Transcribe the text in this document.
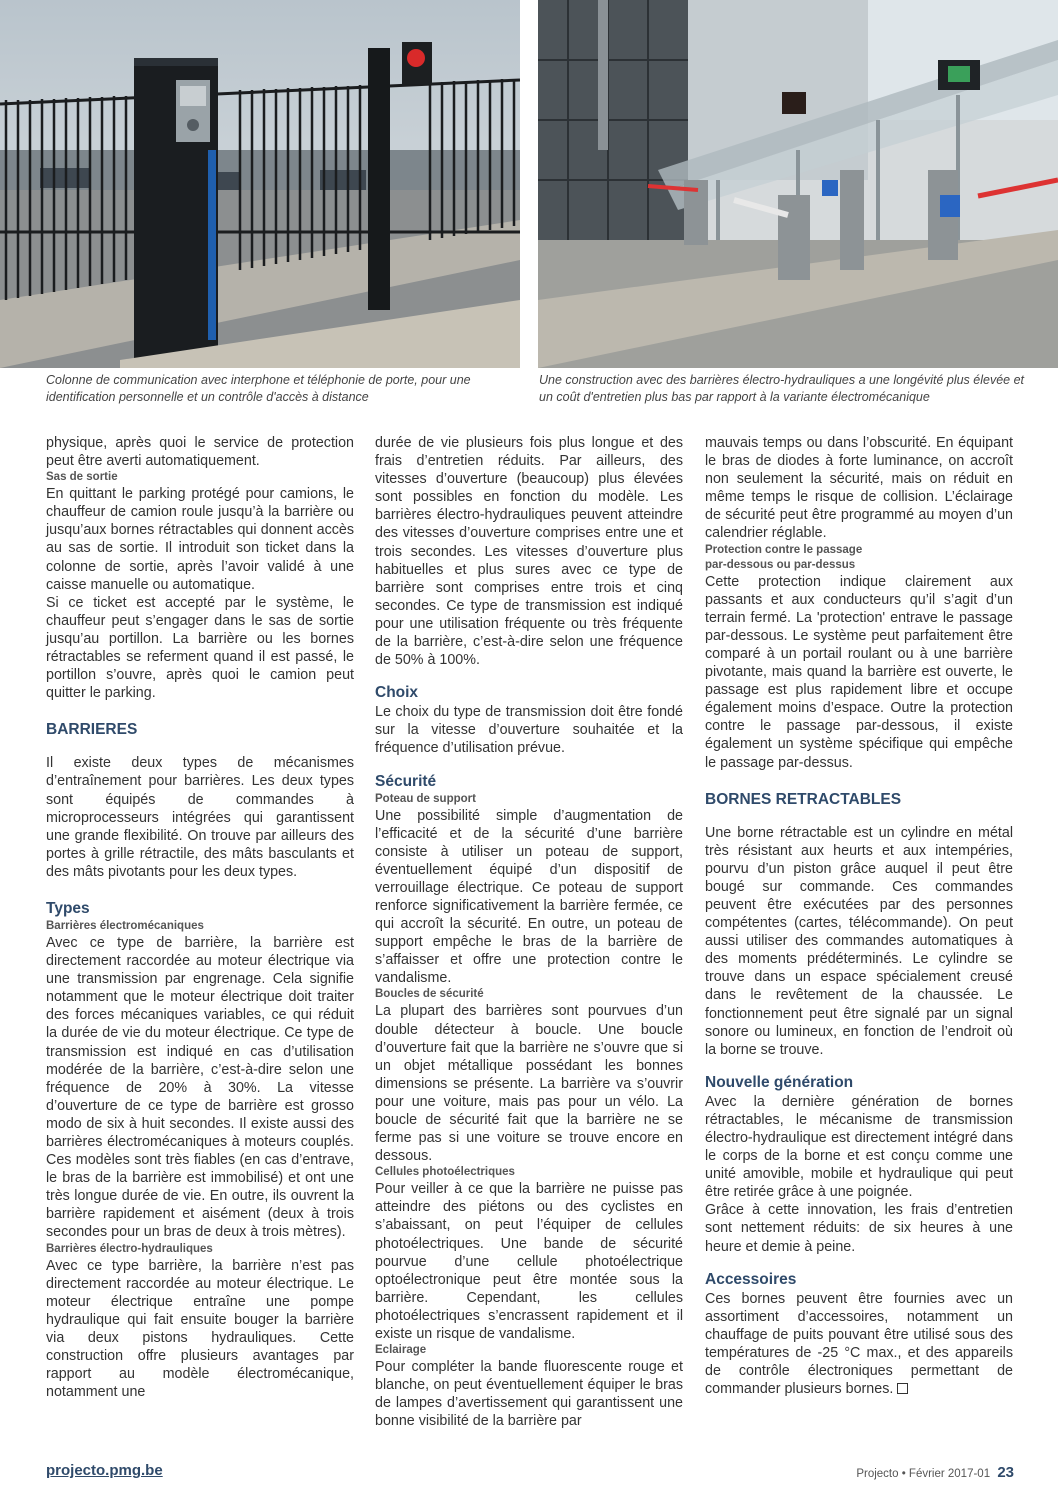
Colonne de communication avec interphone et téléphonie de porte, pour une identification personnelle et un contrôle d'accès à distance
Une construction avec des barrières électro-hydrauliques a une longévité plus élevée et un coût d'entretien plus bas par rapport à la variante électromécanique

physique, après quoi le service de protection peut être averti automatiquement.

Sas de sortie

En quittant le parking protégé pour camions, le chauffeur de camion roule jusqu’à la barrière ou jusqu’aux bornes rétractables qui donnent accès au sas de sortie. Il introduit son ticket dans la colonne de sortie, après l’avoir validé à une caisse manuelle ou automatique.

Si ce ticket est accepté par le système, le chauffeur peut s’engager dans le sas de sortie jusqu’au portillon. La barrière ou les bornes rétractables se referment quand il est passé, le portillon s’ouvre, après quoi le camion peut quitter le parking.

BARRIERES

Il existe deux types de mécanismes d’entraînement pour barrières. Les deux types sont équipés de commandes à microprocesseurs intégrées qui garantissent une grande flexibilité. On trouve par ailleurs des portes à grille rétractile, des mâts basculants et des mâts pivotants pour les deux types.

Types

Barrières électromécaniques

Avec ce type de barrière, la barrière est directement raccordée au moteur électrique via une transmission par engrenage. Cela signifie notamment que le moteur électrique doit traiter des forces mécaniques variables, ce qui réduit la durée de vie du moteur électrique. Ce type de transmission est indiqué en cas d’utilisation modérée de la barrière, c’est-à-dire selon une fréquence de 20% à 30%. La vitesse d’ouverture de ce type de barrière est grosso modo de six à huit secondes. Il existe aussi des barrières électromécaniques à moteurs couplés. Ces modèles sont très fiables (en cas d’entrave, le bras de la barrière est immobilisé) et ont une très longue durée de vie. En outre, ils ouvrent la barrière rapidement et aisément (deux à trois secondes pour un bras de deux à trois mètres).

Barrières électro-hydrauliques

Avec ce type barrière, la barrière n’est pas directement raccordée au moteur électrique. Le moteur électrique entraîne une pompe hydraulique qui fait ensuite bouger la barrière via deux pistons hydrauliques. Cette construction offre plusieurs avantages par rapport au modèle électromécanique, notamment une

durée de vie plusieurs fois plus longue et des frais d’entretien réduits. Par ailleurs, des vitesses d’ouverture (beaucoup) plus élevées sont possibles en fonction du modèle. Les barrières électro-hydrauliques peuvent atteindre des vitesses d’ouverture comprises entre une et trois secondes. Les vitesses d’ouverture plus habituelles et plus sures avec ce type de barrière sont comprises entre trois et cinq secondes. Ce type de transmission est indiqué pour une utilisation fréquente ou très fréquente de la barrière, c’est-à-dire selon une fréquence de 50% à 100%.

Choix

Le choix du type de transmission doit être fondé sur la vitesse d’ouverture souhaitée et la fréquence d’utilisation prévue.

Sécurité

Poteau de support

Une possibilité simple d’augmentation de l’efficacité et de la sécurité d’une barrière consiste à utiliser un poteau de support, éventuellement équipé d’un dispositif de verrouillage électrique. Ce poteau de support renforce significativement la barrière fermée, ce qui accroît la sécurité. En outre, un poteau de support empêche le bras de la barrière de s’affaisser et offre une protection contre le vandalisme.

Boucles de sécurité

La plupart des barrières sont pourvues d’un double détecteur à boucle. Une boucle d’ouverture fait que la barrière ne s’ouvre que si un objet métallique possédant les bonnes dimensions se présente. La barrière va s’ouvrir pour une voiture, mais pas pour un vélo. La boucle de sécurité fait que la barrière ne se ferme pas si une voiture se trouve encore en dessous.

Cellules photoélectriques

Pour veiller à ce que la barrière ne puisse pas atteindre des piétons ou des cyclistes en s’abaissant, on peut l’équiper de cellules photoélectriques. Une bande de sécurité pourvue d’une cellule photoélectrique optoélectronique peut être montée sous la barrière. Cependant, les cellules photoélectriques s’encrassent rapidement et il existe un risque de vandalisme.

Eclairage

Pour compléter la bande fluorescente rouge et blanche, on peut éventuellement équiper le bras de lampes d’avertissement qui garantissent une bonne visibilité de la barrière par

mauvais temps ou dans l’obscurité. En équipant le bras de diodes à forte luminance, on accroît non seulement la sécurité, mais on réduit en même temps le risque de collision. L’éclairage de sécurité peut être programmé au moyen d’un calendrier réglable.

Protection contre le passage

par-dessous ou par-dessus

Cette protection indique clairement aux passants et aux conducteurs qu’il s’agit d’un terrain fermé. La 'protection' entrave le passage par-dessous. Le système peut parfaitement être comparé à un portail roulant ou à une barrière pivotante, mais quand la barrière est ouverte, le passage est plus rapidement libre et occupe également moins d’espace. Outre la protection contre le passage par-dessous, il existe également un système spécifique qui empêche le passage par-dessus.

BORNES RETRACTABLES

Une borne rétractable est un cylindre en métal très résistant aux heurts et aux intempéries, pourvu d’un piston grâce auquel il peut être bougé sur commande. Ces commandes peuvent être exécutées par des personnes compétentes (cartes, télécommande). On peut aussi utiliser des commandes automatiques à des moments prédéterminés. Le cylindre se trouve dans un espace spécialement creusé dans le revêtement de la chaussée. Le fonctionnement peut être signalé par un signal sonore ou lumineux, en fonction de l’endroit où la borne se trouve.

Nouvelle génération

Avec la dernière génération de bornes rétractables, le mécanisme de transmission électro-hydraulique est directement intégré dans le corps de la borne et est conçu comme une unité amovible, mobile et hydraulique qui peut être retirée grâce à une poignée.

Grâce à cette innovation, les frais d’entretien sont nettement réduits: de six heures à une heure et demie à peine.

Accessoires

Ces bornes peuvent être fournies avec un assortiment d’accessoires, notamment un chauffage de puits pouvant être utilisé sous des températures de -25 °C max., et des appareils de contrôle électroniques permettant de commander plusieurs bornes.

projecto.pmg.be	Projecto • Février 2017-01 23
